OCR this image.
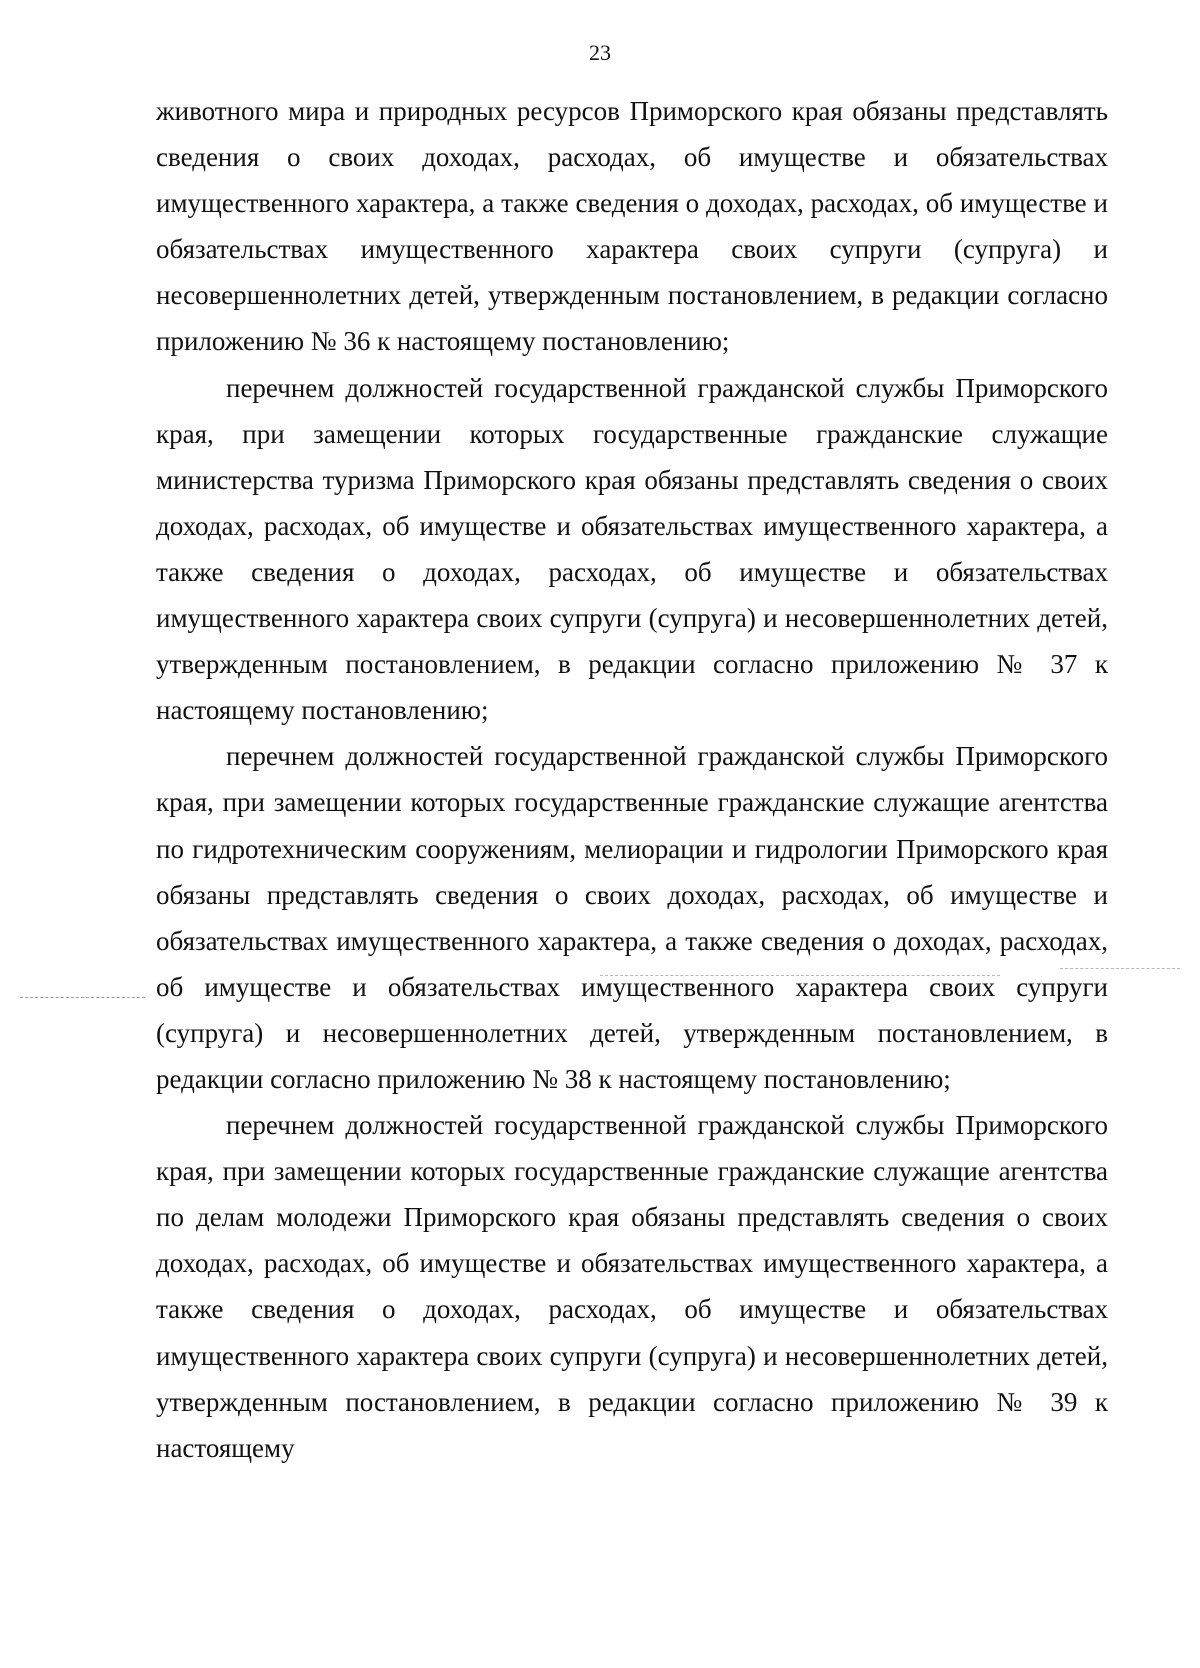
23

животного мира и природных ресурсов Приморского края обязаны представлять сведения о своих доходах, расходах, об имуществе и обязательствах имущественного характера, а также сведения о доходах, расходах, об имуществе и обязательствах имущественного характера своих супруги (супруга) и несовершеннолетних детей, утвержденным постановлением, в редакции согласно приложению № 36 к настоящему постановлению;

перечнем должностей государственной гражданской службы Приморского края, при замещении которых государственные гражданские служащие министерства туризма Приморского края обязаны представлять сведения о своих доходах, расходах, об имуществе и обязательствах имущественного характера, а также сведения о доходах, расходах, об имуществе и обязательствах имущественного характера своих супруги (супруга) и несовершеннолетних детей, утвержденным постановлением, в редакции согласно приложению № 37 к настоящему постановлению;

перечнем должностей государственной гражданской службы Приморского края, при замещении которых государственные гражданские служащие агентства по гидротехническим сооружениям, мелиорации и гидрологии Приморского края обязаны представлять сведения о своих доходах, расходах, об имуществе и обязательствах имущественного характера, а также сведения о доходах, расходах, об имуществе и обязательствах имущественного характера своих супруги (супруга) и несовершеннолетних детей, утвержденным постановлением, в редакции согласно приложению № 38 к настоящему постановлению;

перечнем должностей государственной гражданской службы Приморского края, при замещении которых государственные гражданские служащие агентства по делам молодежи Приморского края обязаны представлять сведения о своих доходах, расходах, об имуществе и обязательствах имущественного характера, а также сведения о доходах, расходах, об имуществе и обязательствах имущественного характера своих супруги (супруга) и несовершеннолетних детей, утвержденным постановлением, в редакции согласно приложению № 39 к настоящему
